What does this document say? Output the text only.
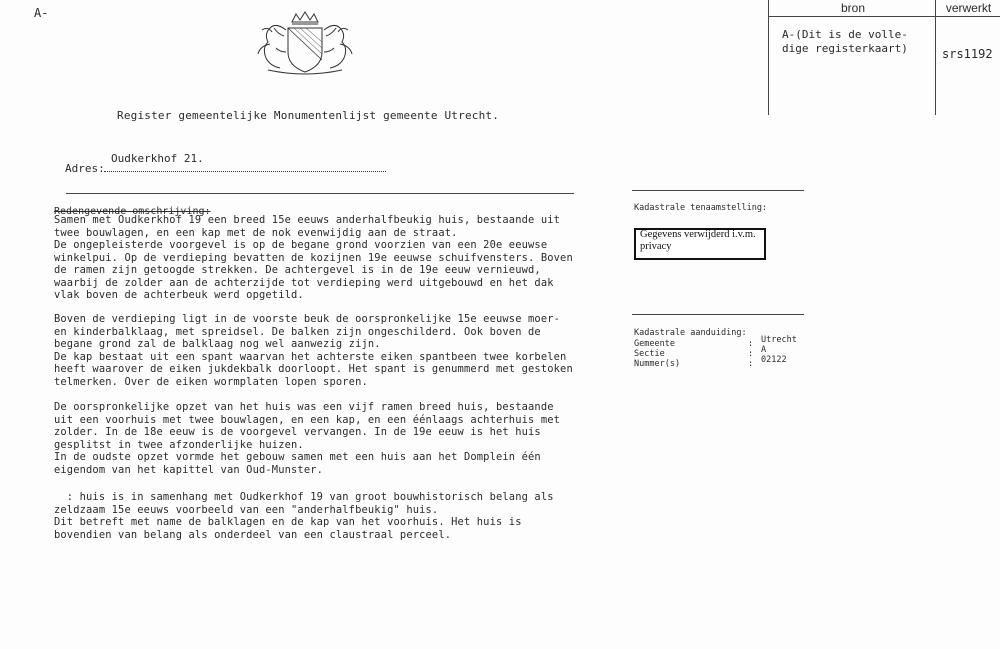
A-
Register gemeentelijke Monumentenlijst gemeente Utrecht.
Oudkerkhof 21.
Adres:
Redengevende omschrijving:
Samen met Oudkerkhof 19 een breed 15e eeuws anderhalfbeukig huis, bestaande uit
twee bouwlagen, en een kap met de nok evenwijdig aan de straat.
De ongepleisterde voorgevel is op de begane grond voorzien van een 20e eeuwse
winkelpui. Op de verdieping bevatten de kozijnen 19e eeuwse schuifvensters. Boven
de ramen zijn getoogde strekken. De achtergevel is in de 19e eeuw vernieuwd,
waarbij de zolder aan de achterzijde tot verdieping werd uitgebouwd en het dak
vlak boven de achterbeuk werd opgetild.
Boven de verdieping ligt in de voorste beuk de oorspronkelijke 15e eeuwse moer-
en kinderbalklaag, met spreidsel. De balken zijn ongeschilderd. Ook boven de
begane grond zal de balklaag nog wel aanwezig zijn.
De kap bestaat uit een spant waarvan het achterste eiken spantbeen twee korbelen
heeft waarover de eiken jukdekbalk doorloopt. Het spant is genummerd met gestoken
telmerken. Over de eiken wormplaten lopen sporen.
De oorspronkelijke opzet van het huis was een vijf ramen breed huis, bestaande
uit een voorhuis met twee bouwlagen, en een kap, en een éénlaags achterhuis met
zolder. In de 18e eeuw is de voorgevel vervangen. In de 19e eeuw is het huis
gesplitst in twee afzonderlijke huizen.
In de oudste opzet vormde het gebouw samen met een huis aan het Domplein één
eigendom van het kapittel van Oud-Munster.
: huis is in samenhang met Oudkerkhof 19 van groot bouwhistorisch belang als
zeldzaam 15e eeuws voorbeeld van een "anderhalfbeukig" huis.
Dit betreft met name de balklagen en de kap van het voorhuis. Het huis is
bovendien van belang als onderdeel van een claustraal perceel.
bron	verwerkt
A-(Dit is de volle-
dige registerkaart)	srs1192
Kadastrale tenaamstelling:
Gegevens verwijderd i.v.m. privacy
Kadastrale aanduiding:
Gemeente	: Utrecht
Sectie	: A
Nummer(s)	: 02122
